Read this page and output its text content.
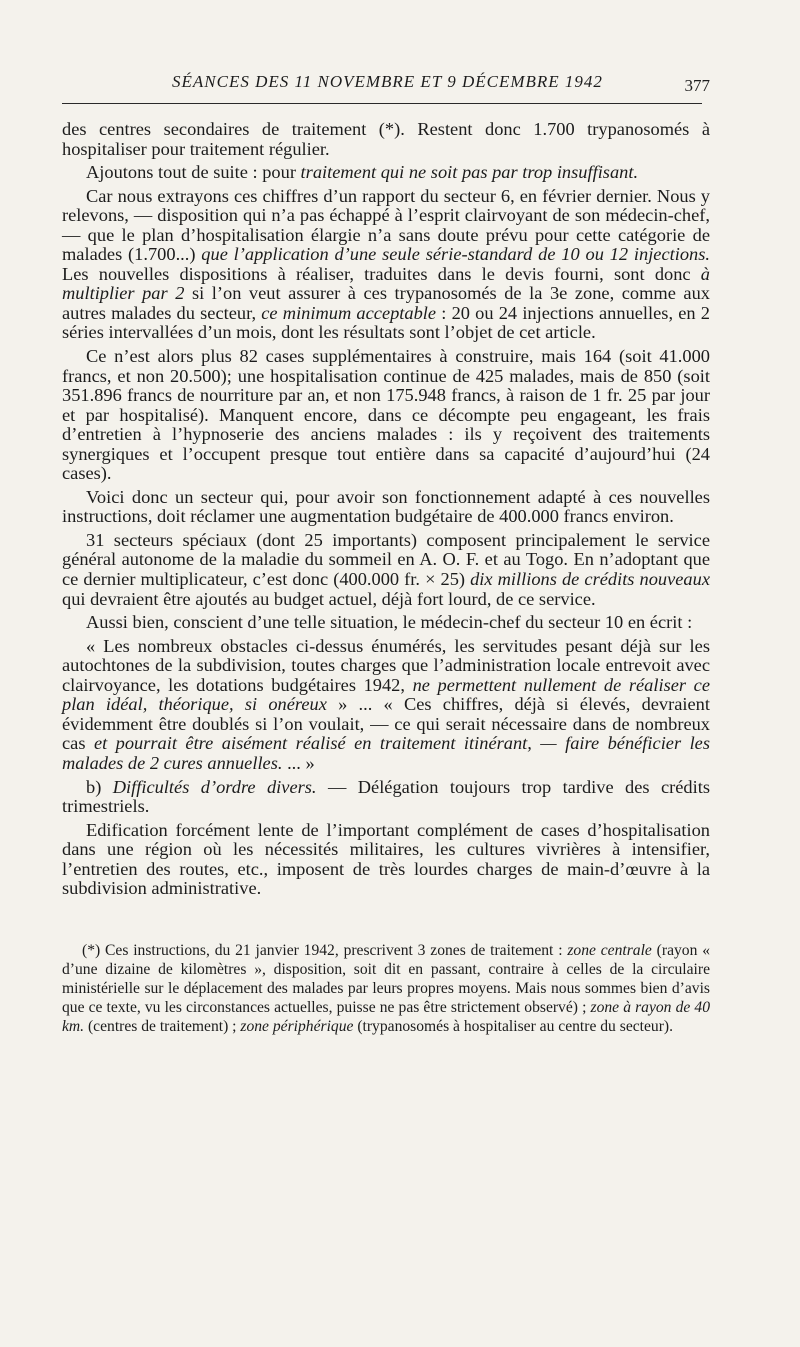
SÉANCES DES 11 NOVEMBRE ET 9 DÉCEMBRE 1942	377

des centres secondaires de traitement (*). Restent donc 1.700 trypanosomés à hospitaliser pour traitement régulier.

Ajoutons tout de suite : pour traitement qui ne soit pas par trop insuffisant.

Car nous extrayons ces chiffres d’un rapport du secteur 6, en février dernier. Nous y relevons, — disposition qui n’a pas échappé à l’esprit clairvoyant de son médecin-chef, — que le plan d’hospitalisation élargie n’a sans doute prévu pour cette catégorie de malades (1.700...) que l’application d’une seule série-standard de 10 ou 12 injections. Les nouvelles dispositions à réaliser, traduites dans le devis fourni, sont donc à multiplier par 2 si l’on veut assurer à ces trypanosomés de la 3e zone, comme aux autres malades du secteur, ce minimum acceptable : 20 ou 24 injections annuelles, en 2 séries intervallées d’un mois, dont les résultats sont l’objet de cet article.

Ce n’est alors plus 82 cases supplémentaires à construire, mais 164 (soit 41.000 francs, et non 20.500); une hospitalisation continue de 425 malades, mais de 850 (soit 351.896 francs de nourriture par an, et non 175.948 francs, à raison de 1 fr. 25 par jour et par hospitalisé). Manquent encore, dans ce décompte peu engageant, les frais d’entretien à l’hypnoserie des anciens malades : ils y reçoivent des traitements synergiques et l’occupent presque tout entière dans sa capacité d’aujourd’hui (24 cases).

Voici donc un secteur qui, pour avoir son fonctionnement adapté à ces nouvelles instructions, doit réclamer une augmentation budgétaire de 400.000 francs environ.

31 secteurs spéciaux (dont 25 importants) composent principalement le service général autonome de la maladie du sommeil en A. O. F. et au Togo. En n’adoptant que ce dernier multiplicateur, c’est donc (400.000 fr. × 25) dix millions de crédits nouveaux qui devraient être ajoutés au budget actuel, déjà fort lourd, de ce service.

Aussi bien, conscient d’une telle situation, le médecin-chef du secteur 10 en écrit :

« Les nombreux obstacles ci-dessus énumérés, les servitudes pesant déjà sur les autochtones de la subdivision, toutes charges que l’administration locale entrevoit avec clairvoyance, les dotations budgétaires 1942, ne permettent nullement de réaliser ce plan idéal, théorique, si onéreux » ... « Ces chiffres, déjà si élevés, devraient évidemment être doublés si l’on voulait, — ce qui serait nécessaire dans de nombreux cas et pourrait être aisément réalisé en traitement itinérant, — faire bénéficier les malades de 2 cures annuelles. ... »

b) Difficultés d’ordre divers. — Délégation toujours trop tardive des crédits trimestriels.

Edification forcément lente de l’important complément de cases d’hospitalisation dans une région où les nécessités militaires, les cultures vivrières à intensifier, l’entretien des routes, etc., imposent de très lourdes charges de main-d’œuvre à la subdivision administrative.

(*) Ces instructions, du 21 janvier 1942, prescrivent 3 zones de traitement : zone centrale (rayon « d’une dizaine de kilomètres », disposition, soit dit en passant, contraire à celles de la circulaire ministérielle sur le déplacement des malades par leurs propres moyens. Mais nous sommes bien d’avis que ce texte, vu les circonstances actuelles, puisse ne pas être strictement observé) ; zone à rayon de 40 km. (centres de traitement) ; zone périphérique (trypanosomés à hospitaliser au centre du secteur).
